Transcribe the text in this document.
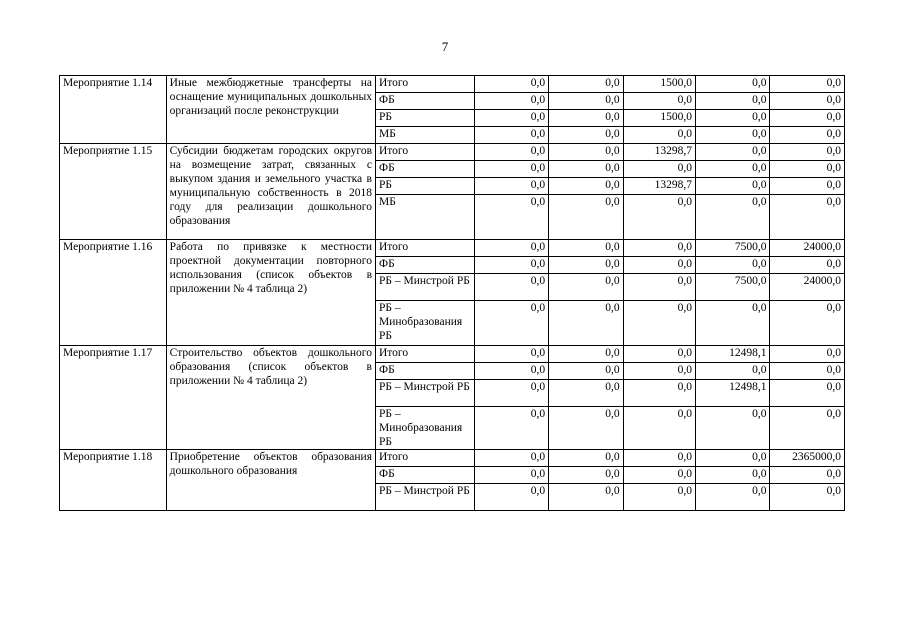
7
Мероприятие 1.14	Иные межбюджетные трансферты на оснащение муниципальных дошкольных организаций после реконструкции	Итого	0,0	0,0	1500,0	0,0	0,0
		ФБ	0,0	0,0	0,0	0,0	0,0
		РБ	0,0	0,0	1500,0	0,0	0,0
		МБ	0,0	0,0	0,0	0,0	0,0
Мероприятие 1.15	Субсидии бюджетам городских округов на возмещение затрат, связанных с выкупом здания и земельного участка в муниципальную собственность в 2018 году для реализации дошкольного образования	Итого	0,0	0,0	13298,7	0,0	0,0
		ФБ	0,0	0,0	0,0	0,0	0,0
		РБ	0,0	0,0	13298,7	0,0	0,0
		МБ	0,0	0,0	0,0	0,0	0,0
Мероприятие 1.16	Работа по привязке к местности проектной документации повторного использования (список объектов в приложении № 4 таблица 2)	Итого	0,0	0,0	0,0	7500,0	24000,0
		ФБ	0,0	0,0	0,0	0,0	0,0
		РБ – Минстрой РБ	0,0	0,0	0,0	7500,0	24000,0
		РБ – Минобразования РБ	0,0	0,0	0,0	0,0	0,0
Мероприятие 1.17	Строительство объектов дошкольного образования (список объектов в приложении № 4 таблица 2)	Итого	0,0	0,0	0,0	12498,1	0,0
		ФБ	0,0	0,0	0,0	0,0	0,0
		РБ – Минстрой РБ	0,0	0,0	0,0	12498,1	0,0
		РБ – Минобразования РБ	0,0	0,0	0,0	0,0	0,0
Мероприятие 1.18	Приобретение объектов образования дошкольного образования	Итого	0,0	0,0	0,0	0,0	2365000,0
		ФБ	0,0	0,0	0,0	0,0	0,0
		РБ – Минстрой РБ	0,0	0,0	0,0	0,0	0,0
